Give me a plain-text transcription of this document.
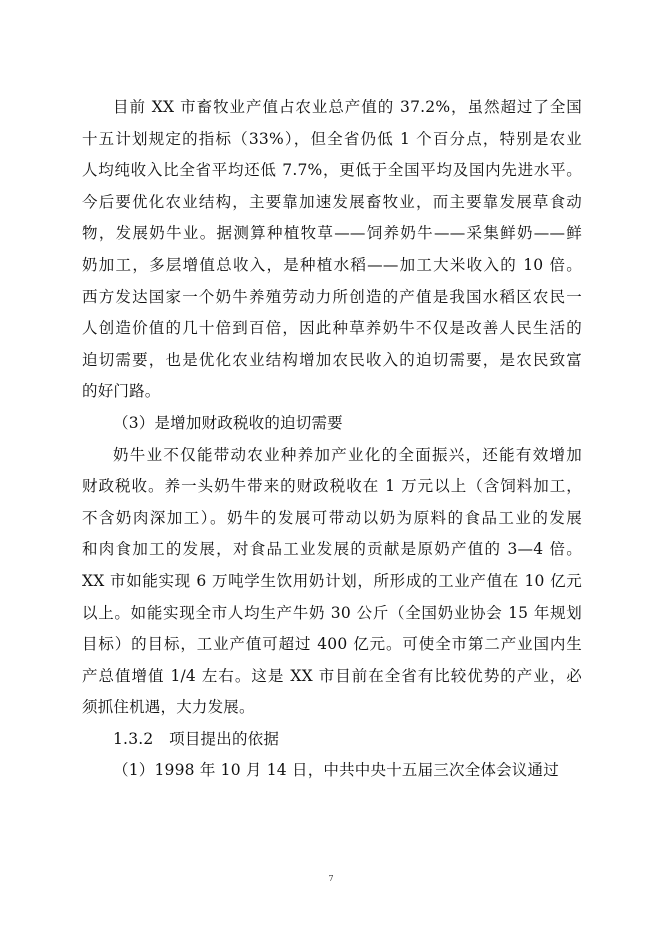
目前 XX 市畜牧业产值占农业总产值的 37.2%，虽然超过了全国
十五计划规定的指标（33%），但全省仍低 1 个百分点，特别是农业
人均纯收入比全省平均还低 7.7%，更低于全国平均及国内先进水平。
今后要优化农业结构，主要靠加速发展畜牧业，而主要靠发展草食动
物，发展奶牛业。据测算种植牧草——饲养奶牛——采集鲜奶——鲜
奶加工，多层增值总收入，是种植水稻——加工大米收入的 10 倍。
西方发达国家一个奶牛养殖劳动力所创造的产值是我国水稻区农民一
人创造价值的几十倍到百倍，因此种草养奶牛不仅是改善人民生活的
迫切需要，也是优化农业结构增加农民收入的迫切需要，是农民致富
的好门路。
（3）是增加财政税收的迫切需要
奶牛业不仅能带动农业种养加产业化的全面振兴，还能有效增加
财政税收。养一头奶牛带来的财政税收在 1 万元以上（含饲料加工，
不含奶肉深加工）。奶牛的发展可带动以奶为原料的食品工业的发展
和肉食加工的发展，对食品工业发展的贡献是原奶产值的 3—4 倍。
XX 市如能实现 6 万吨学生饮用奶计划，所形成的工业产值在 10 亿元
以上。如能实现全市人均生产牛奶 30 公斤（全国奶业协会 15 年规划
目标）的目标，工业产值可超过 400 亿元。可使全市第二产业国内生
产总值增值 1/4 左右。这是 XX 市目前在全省有比较优势的产业，必
须抓住机遇，大力发展。
1.3.2　项目提出的依据
（1）1998 年 10 月 14 日，中共中央十五届三次全体会议通过
7
